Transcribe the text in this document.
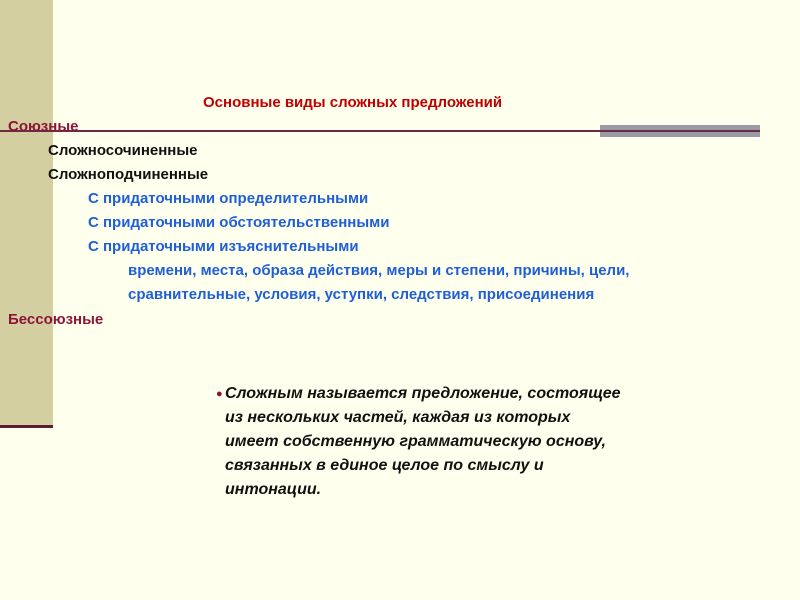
Основные виды сложных предложений
Союзные
Сложносочиненные
Сложноподчиненные
С придаточными определительными
С придаточными обстоятельственными
С придаточными изъяснительными
времени, места, образа действия, меры и степени, причины, цели,
сравнительные, условия, уступки, следствия, присоединения
Бессоюзные
● Сложным называется предложение, состоящее
из нескольких частей, каждая из которых
имеет собственную грамматическую основу,
связанных в единое целое по смыслу и
интонации.
